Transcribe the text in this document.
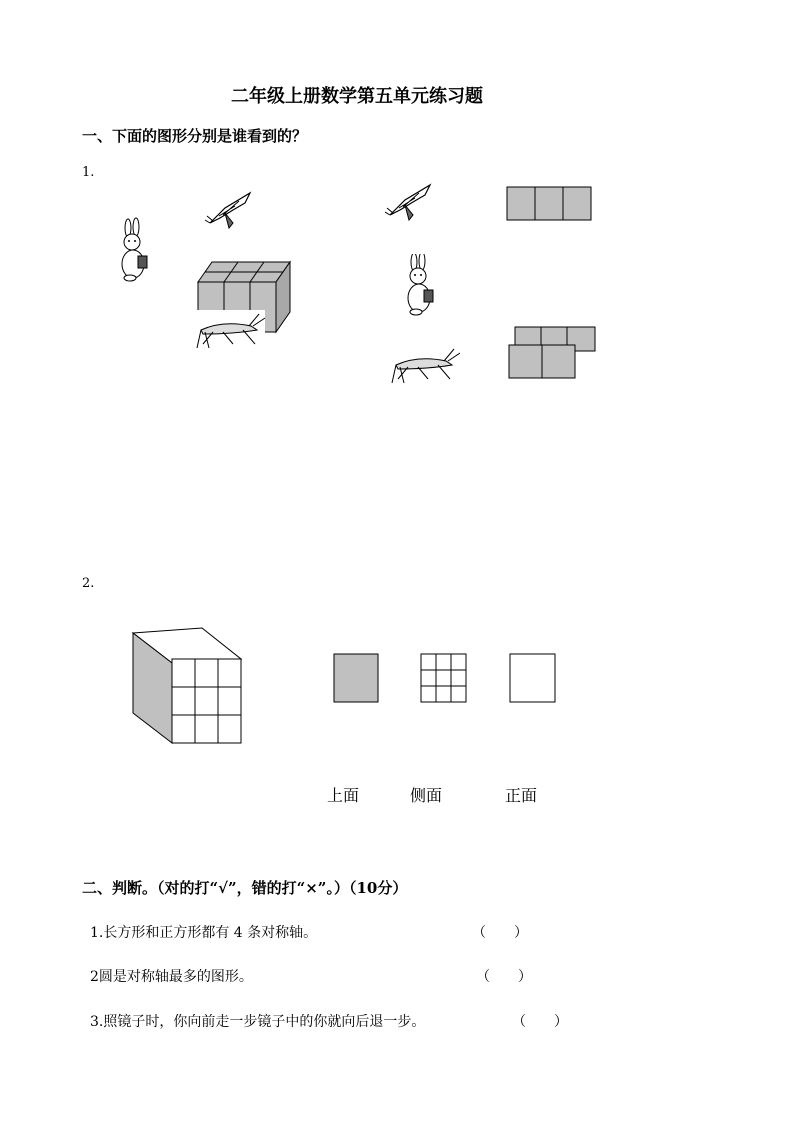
二年级上册数学第五单元练习题
一、下面的图形分别是谁看到的？
1.
2.
上面	侧面	正面
二、判断。（对的打“√”，错的打“×”。）（10分）
1.长方形和正方形都有 4 条对称轴。	（　　）
2圆是对称轴最多的图形。	（　　）
3.照镜子时，你向前走一步镜子中的你就向后退一步。	（　　）
